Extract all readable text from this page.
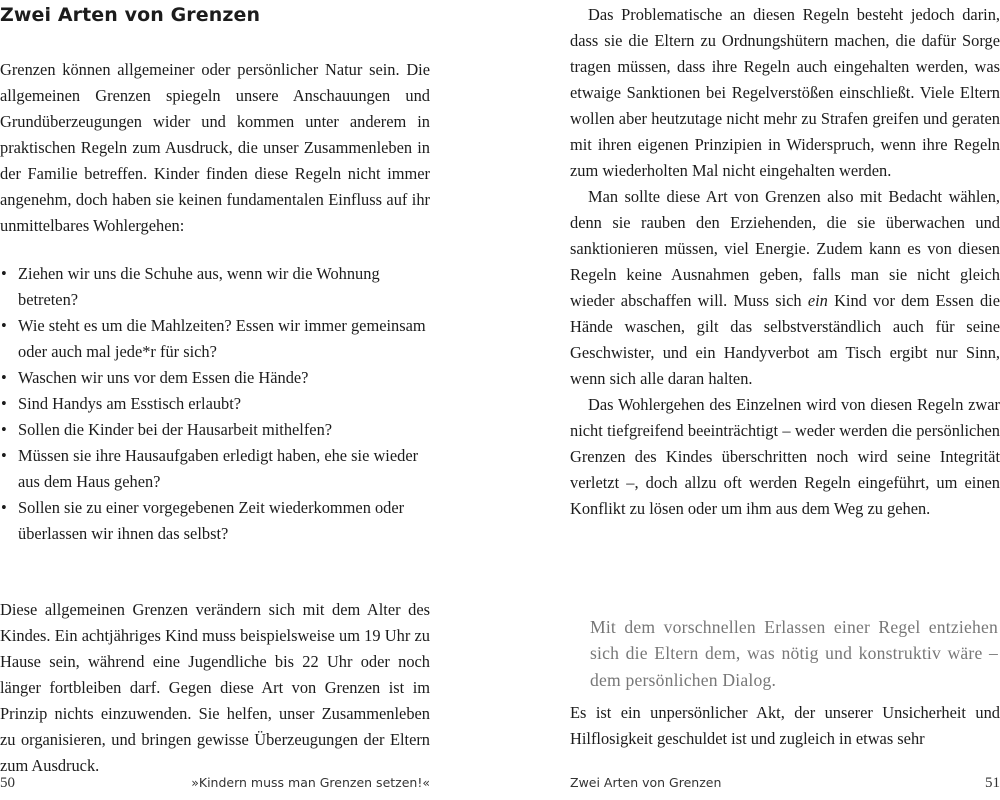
Zwei Arten von Grenzen

Grenzen können allgemeiner oder persönlicher Natur sein. Die allgemeinen Grenzen spiegeln unsere Anschauungen und Grundüberzeugungen wider und kommen unter anderem in praktischen Regeln zum Ausdruck, die unser Zusammenleben in der Familie betreffen. Kinder finden diese Regeln nicht immer angenehm, doch haben sie keinen fundamentalen Einfluss auf ihr unmittelbares Wohlergehen:

• Ziehen wir uns die Schuhe aus, wenn wir die Wohnung betreten?
• Wie steht es um die Mahlzeiten? Essen wir immer gemeinsam oder auch mal jede*r für sich?
• Waschen wir uns vor dem Essen die Hände?
• Sind Handys am Esstisch erlaubt?
• Sollen die Kinder bei der Hausarbeit mithelfen?
• Müssen sie ihre Hausaufgaben erledigt haben, ehe sie wieder aus dem Haus gehen?
• Sollen sie zu einer vorgegebenen Zeit wiederkommen oder überlassen wir ihnen das selbst?

Diese allgemeinen Grenzen verändern sich mit dem Alter des Kindes. Ein achtjähriges Kind muss beispielsweise um 19 Uhr zu Hause sein, während eine Jugendliche bis 22 Uhr oder noch länger fortbleiben darf. Gegen diese Art von Grenzen ist im Prinzip nichts einzuwenden. Sie helfen, unser Zusammenleben zu organisieren, und bringen gewisse Überzeugungen der Eltern zum Ausdruck.

50	»Kindern muss man Grenzen setzen!«

Das Problematische an diesen Regeln besteht jedoch darin, dass sie die Eltern zu Ordnungshütern machen, die dafür Sorge tragen müssen, dass ihre Regeln auch eingehalten werden, was etwaige Sanktionen bei Regelverstößen einschließt. Viele Eltern wollen aber heutzutage nicht mehr zu Strafen greifen und geraten mit ihren eigenen Prinzipien in Widerspruch, wenn ihre Regeln zum wiederholten Mal nicht eingehalten werden.

Man sollte diese Art von Grenzen also mit Bedacht wählen, denn sie rauben den Erziehenden, die sie überwachen und sanktionieren müssen, viel Energie. Zudem kann es von diesen Regeln keine Ausnahmen geben, falls man sie nicht gleich wieder abschaffen will. Muss sich ein Kind vor dem Essen die Hände waschen, gilt das selbstverständlich auch für seine Geschwister, und ein Handyverbot am Tisch ergibt nur Sinn, wenn sich alle daran halten.

Das Wohlergehen des Einzelnen wird von diesen Regeln zwar nicht tiefgreifend beeinträchtigt – weder werden die persönlichen Grenzen des Kindes überschritten noch wird seine Integrität verletzt –, doch allzu oft werden Regeln eingeführt, um einen Konflikt zu lösen oder um ihm aus dem Weg zu gehen.

Mit dem vorschnellen Erlassen einer Regel entziehen sich die Eltern dem, was nötig und konstruktiv wäre – dem persönlichen Dialog.

Es ist ein unpersönlicher Akt, der unserer Unsicherheit und Hilflosigkeit geschuldet ist und zugleich in etwas sehr

Zwei Arten von Grenzen	51
